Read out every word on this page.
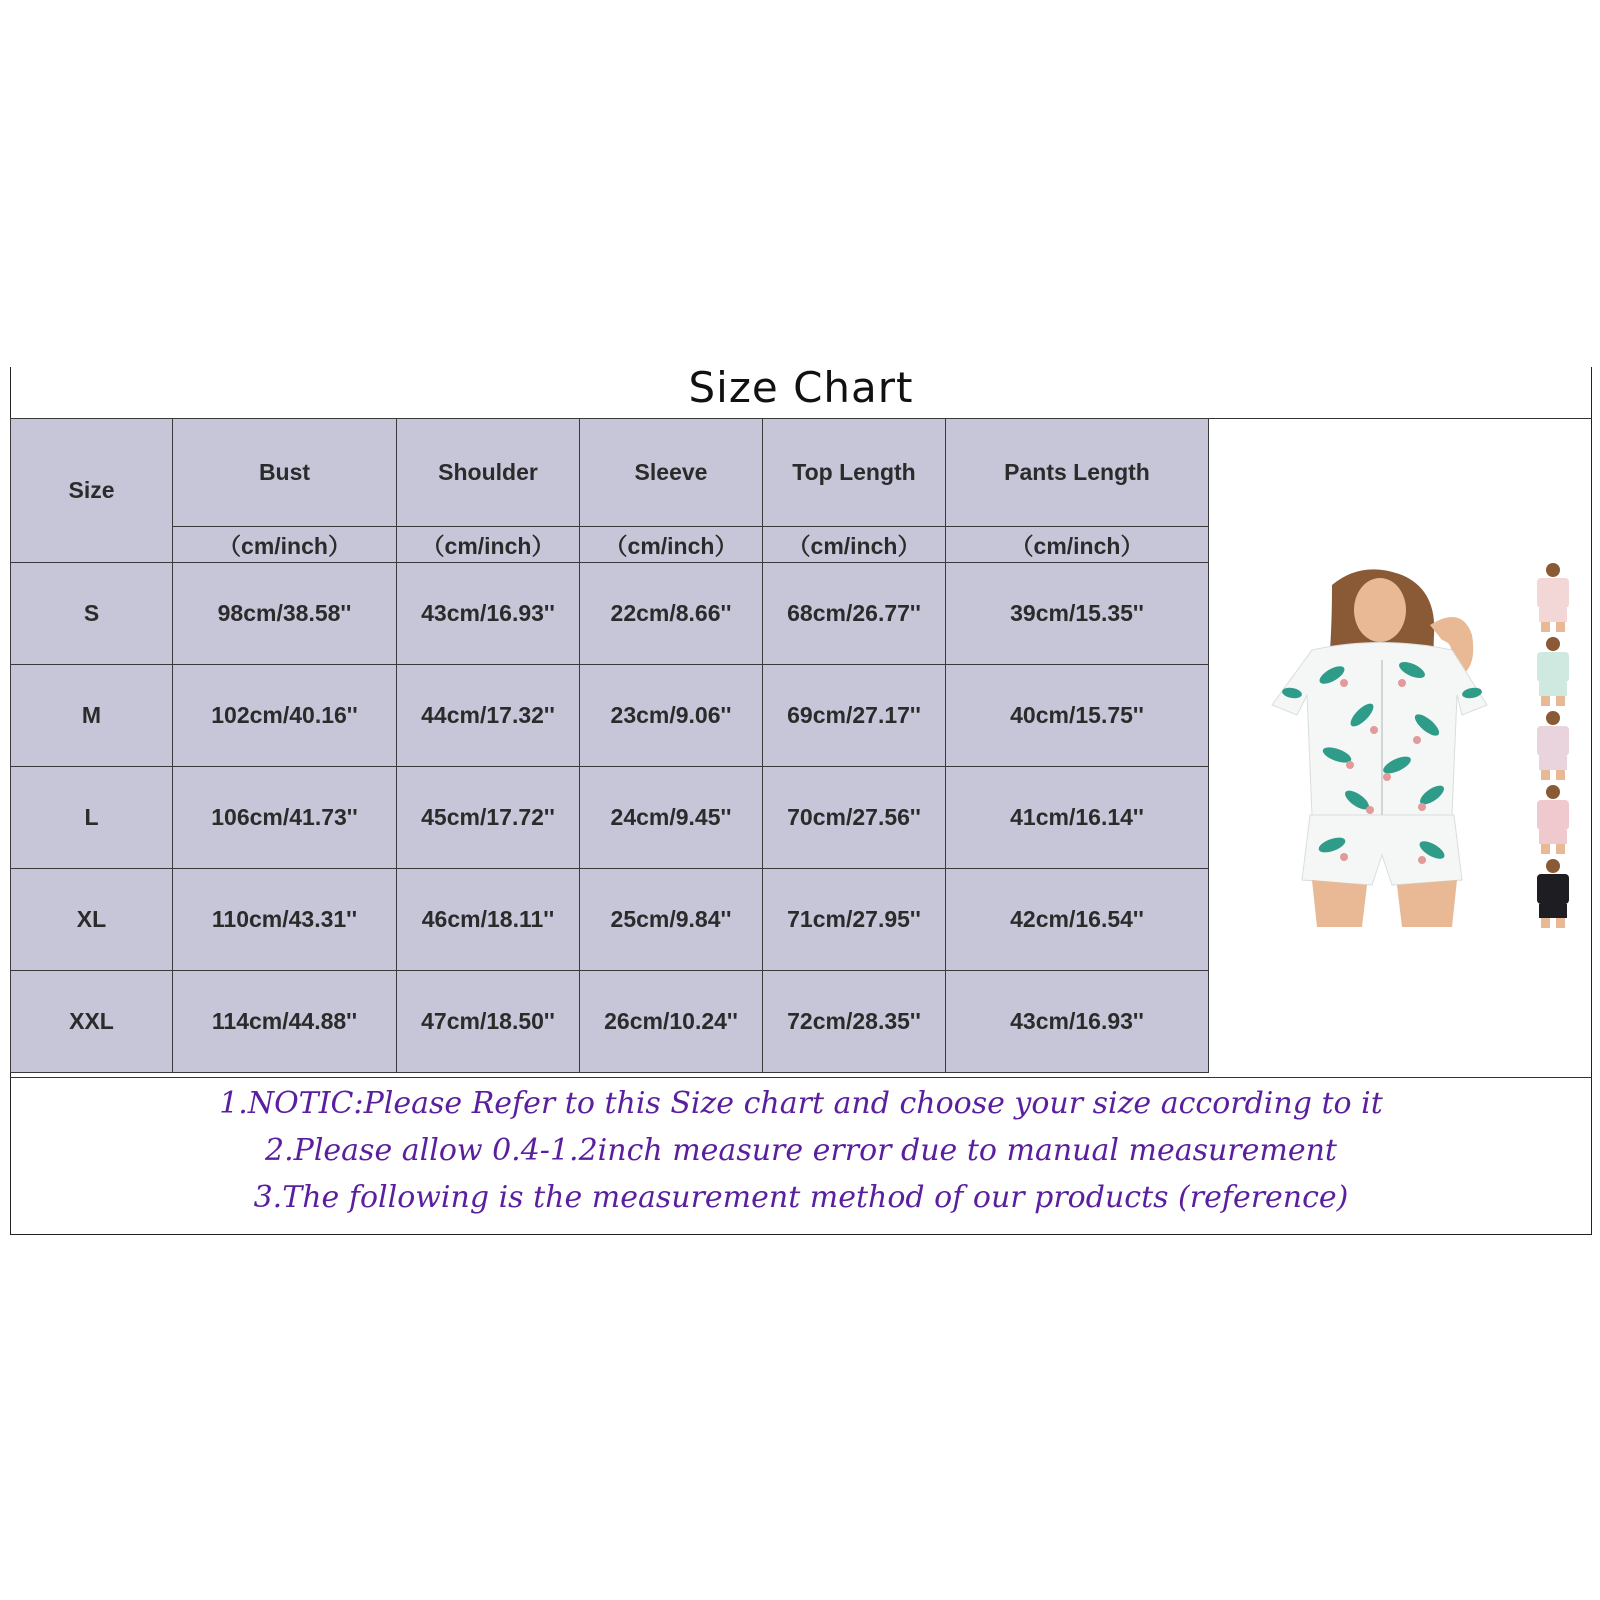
Size Chart
Size	Bust	Shoulder	Sleeve	Top Length	Pants Length
	（cm/inch）	（cm/inch）	（cm/inch）	（cm/inch）	（cm/inch）
S	98cm/38.58''	43cm/16.93''	22cm/8.66''	68cm/26.77''	39cm/15.35''
M	102cm/40.16''	44cm/17.32''	23cm/9.06''	69cm/27.17''	40cm/15.75''
L	106cm/41.73''	45cm/17.72''	24cm/9.45''	70cm/27.56''	41cm/16.14''
XL	110cm/43.31''	46cm/18.11''	25cm/9.84''	71cm/27.95''	42cm/16.54''
XXL	114cm/44.88''	47cm/18.50''	26cm/10.24''	72cm/28.35''	43cm/16.93''
1.NOTIC:Please Refer to this Size chart and choose your size according to it
2.Please allow 0.4-1.2inch measure error due to manual measurement
3.The following is the measurement method of our products (reference)
